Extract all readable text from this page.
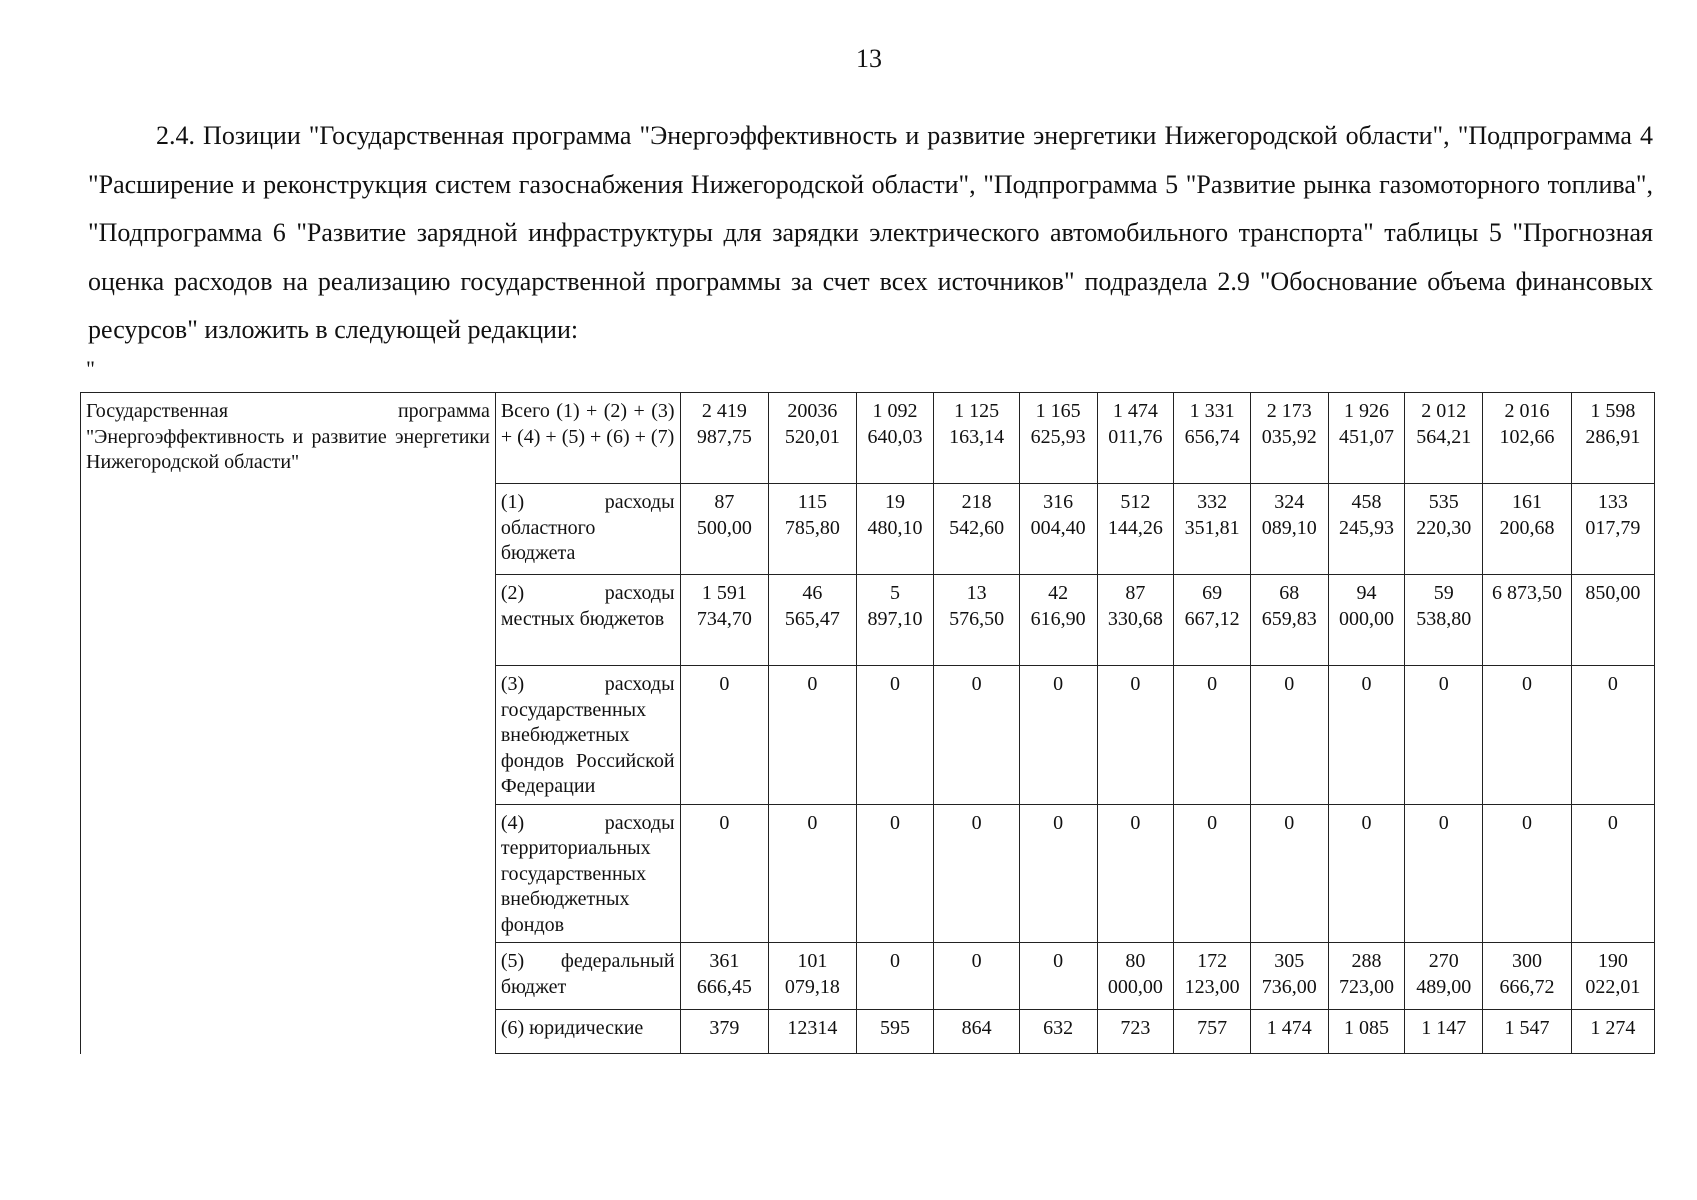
13

2.4. Позиции "Государственная программа "Энергоэффективность и развитие энергетики Нижегородской области", "Подпрограмма 4 "Расширение и реконструкция систем газоснабжения Нижегородской области", "Подпрограмма 5 "Развитие рынка газомоторного топлива", "Подпрограмма 6 "Развитие зарядной инфраструктуры для зарядки электрического автомобильного транспорта" таблицы 5 "Прогнозная оценка расходов на реализацию государственной программы за счет всех источников" подраздела 2.9 "Обоснование объема финансовых ресурсов" изложить в следующей редакции:

"
Государственная программа "Энергоэффективность и развитие энергетики Нижегородской области"	Всего (1) + (2) + (3) + (4) + (5) + (6) + (7)	2 419 987,75	20036 520,01	1 092 640,03	1 125 163,14	1 165 625,93	1 474 011,76	1 331 656,74	2 173 035,92	1 926 451,07	2 012 564,21	2 016 102,66	1 598 286,91
	(1) расходы областного бюджета	87 500,00	115 785,80	19 480,10	218 542,60	316 004,40	512 144,26	332 351,81	324 089,10	458 245,93	535 220,30	161 200,68	133 017,79
	(2) расходы местных бюджетов	1 591 734,70	46 565,47	5 897,10	13 576,50	42 616,90	87 330,68	69 667,12	68 659,83	94 000,00	59 538,80	6 873,50	850,00
	(3) расходы государственных внебюджетных фондов Российской Федерации	0	0	0	0	0	0	0	0	0	0	0	0
	(4) расходы территориальных государственных внебюджетных фондов	0	0	0	0	0	0	0	0	0	0	0	0
	(5) федеральный бюджет	361 666,45	101 079,18	0	0	0	80 000,00	172 123,00	305 736,00	288 723,00	270 489,00	300 666,72	190 022,01
	(6) юридические	379	12314	595	864	632	723	757	1 474	1 085	1 147	1 547	1 274
